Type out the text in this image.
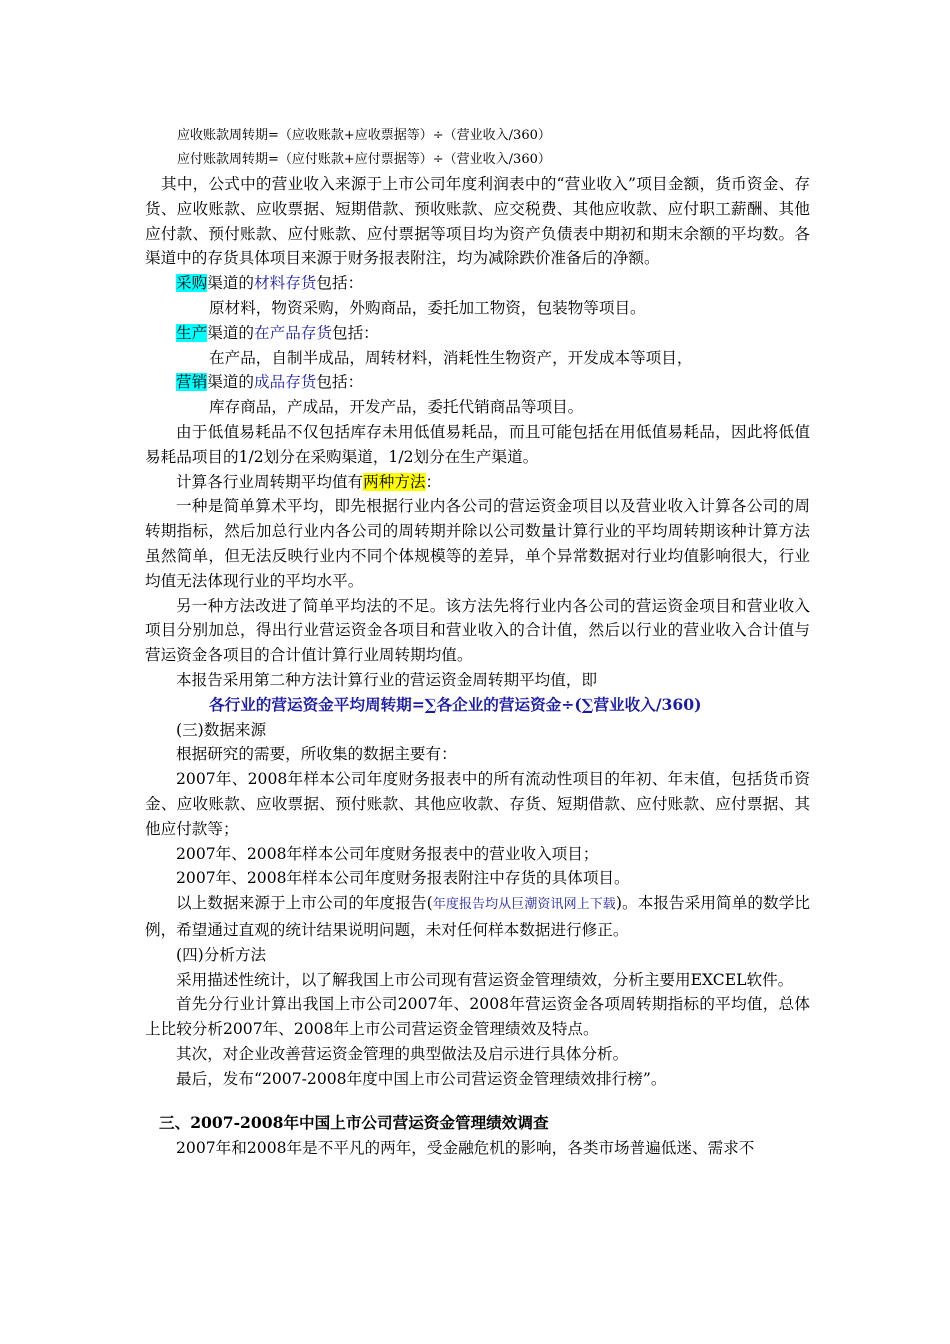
应收账款周转期=（应收账款+应收票据等）÷（营业收入/360）

应付账款周转期=（应付账款+应付票据等）÷（营业收入/360）

其中，公式中的营业收入来源于上市公司年度利润表中的“营业收入”项目金额，货币资金、存货、应收账款、应收票据、短期借款、预收账款、应交税费、其他应收款、应付职工薪酬、其他应付款、预付账款、应付账款、应付票据等项目均为资产负债表中期初和期末余额的平均数。各渠道中的存货具体项目来源于财务报表附注，均为减除跌价准备后的净额。

采购渠道的材料存货包括：

原材料，物资采购，外购商品，委托加工物资，包装物等项目。

生产渠道的在产品存货包括：

在产品，自制半成品，周转材料，消耗性生物资产，开发成本等项目，

营销渠道的成品存货包括：

库存商品，产成品，开发产品，委托代销商品等项目。

由于低值易耗品不仅包括库存未用低值易耗品，而且可能包括在用低值易耗品，因此将低值易耗品项目的1/2划分在采购渠道，1/2划分在生产渠道。

计算各行业周转期平均值有两种方法：

一种是简单算术平均，即先根据行业内各公司的营运资金项目以及营业收入计算各公司的周转期指标，然后加总行业内各公司的周转期并除以公司数量计算行业的平均周转期该种计算方法虽然简单，但无法反映行业内不同个体规模等的差异，单个异常数据对行业均值影响很大，行业均值无法体现行业的平均水平。

另一种方法改进了简单平均法的不足。该方法先将行业内各公司的营运资金项目和营业收入项目分别加总，得出行业营运资金各项目和营业收入的合计值，然后以行业的营业收入合计值与营运资金各项目的合计值计算行业周转期均值。

本报告采用第二种方法计算行业的营运资金周转期平均值，即

各行业的营运资金平均周转期=∑各企业的营运资金÷(∑营业收入/360)

(三)数据来源

根据研究的需要，所收集的数据主要有：

2007年、2008年样本公司年度财务报表中的所有流动性项目的年初、年末值，包括货币资金、应收账款、应收票据、预付账款、其他应收款、存货、短期借款、应付账款、应付票据、其他应付款等；

2007年、2008年样本公司年度财务报表中的营业收入项目；

2007年、2008年样本公司年度财务报表附注中存货的具体项目。

以上数据来源于上市公司的年度报告(年度报告均从巨潮资讯网上下载)。本报告采用简单的数学比例，希望通过直观的统计结果说明问题，未对任何样本数据进行修正。

(四)分析方法

采用描述性统计，以了解我国上市公司现有营运资金管理绩效，分析主要用EXCEL软件。

首先分行业计算出我国上市公司2007年、2008年营运资金各项周转期指标的平均值，总体上比较分析2007年、2008年上市公司营运资金管理绩效及特点。

其次，对企业改善营运资金管理的典型做法及启示进行具体分析。

最后，发布“2007-2008年度中国上市公司营运资金管理绩效排行榜”。

三、2007-2008年中国上市公司营运资金管理绩效调查

2007年和2008年是不平凡的两年，受金融危机的影响，各类市场普遍低迷、需求不
